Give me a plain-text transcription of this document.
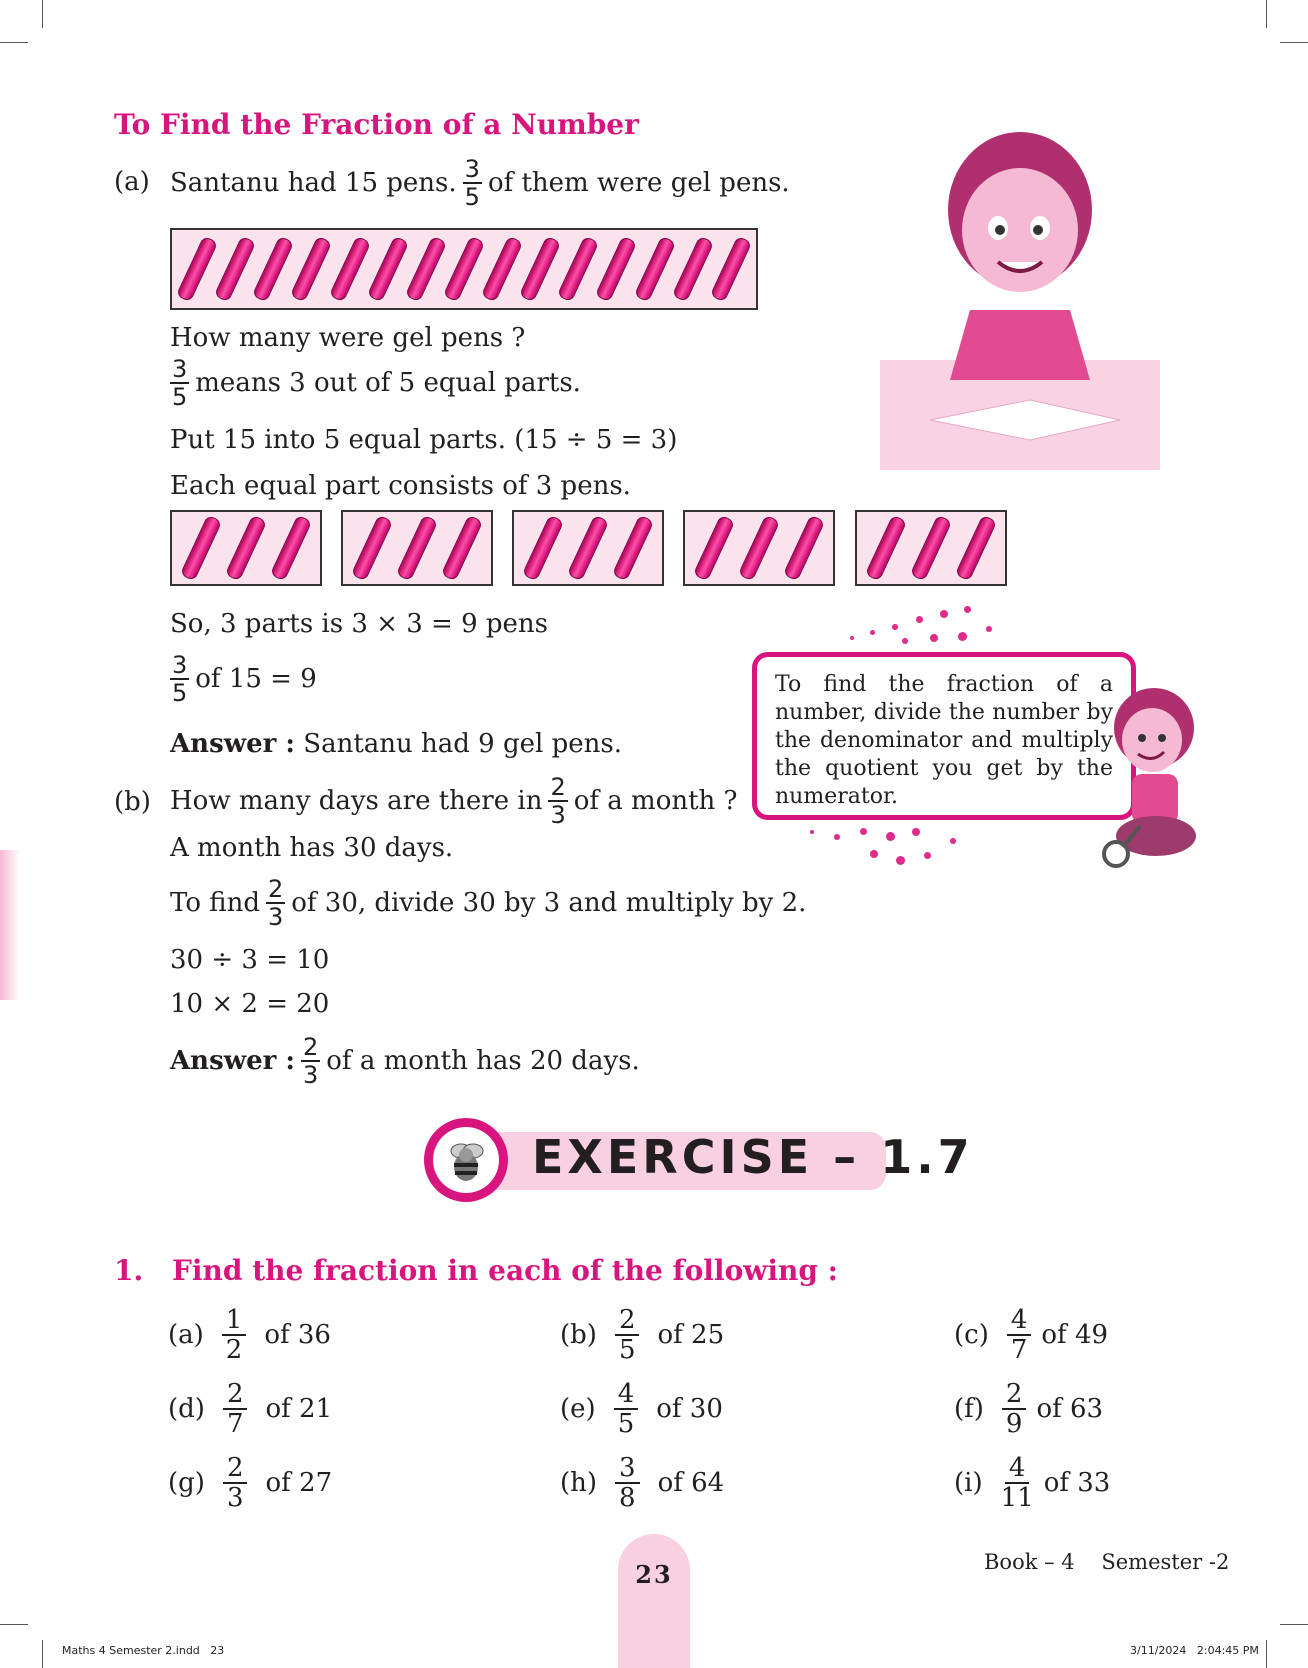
To Find the Fraction of a Number
(a) Santanu had 15 pens. $\frac{3}{5}$ of them were gel pens.
How many were gel pens ?
$\frac{3}{5}$ means 3 out of 5 equal parts.
Put 15 into 5 equal parts. (15 ÷ 5 = 3)
Each equal part consists of 3 pens.
So, 3 parts is 3 × 3 = 9 pens
$\frac{3}{5}$ of 15 = 9
Answer : Santanu had 9 gel pens.
To find the fraction of a number, divide the number by the denominator and multiply the quotient you get by the numerator.
(b) How many days are there in $\frac{2}{3}$ of a month ?
A month has 30 days.
To find $\frac{2}{3}$ of 30, divide 30 by 3 and multiply by 2.
30 ÷ 3 = 10
10 × 2 = 20
Answer : $\frac{2}{3}$ of a month has 20 days.
EXERCISE – 1.7
1. Find the fraction in each of the following :
$(a) \frac{1}{2}$ of 36	$(b) \frac{2}{5}$ of 25	$(c) \frac{4}{7}$ of 49
$(d) \frac{2}{7}$ of 21	$(e) \frac{4}{5}$ of 30	$(f) \frac{2}{9}$ of 63
$(g) \frac{2}{3}$ of 27	$(h) \frac{3}{8}$ of 64	$(i) \frac{4}{11}$ of 33
23	Book – 4    Semester -2
Maths 4 Semester 2.indd   23	3/11/2024   2:04:45 PM
